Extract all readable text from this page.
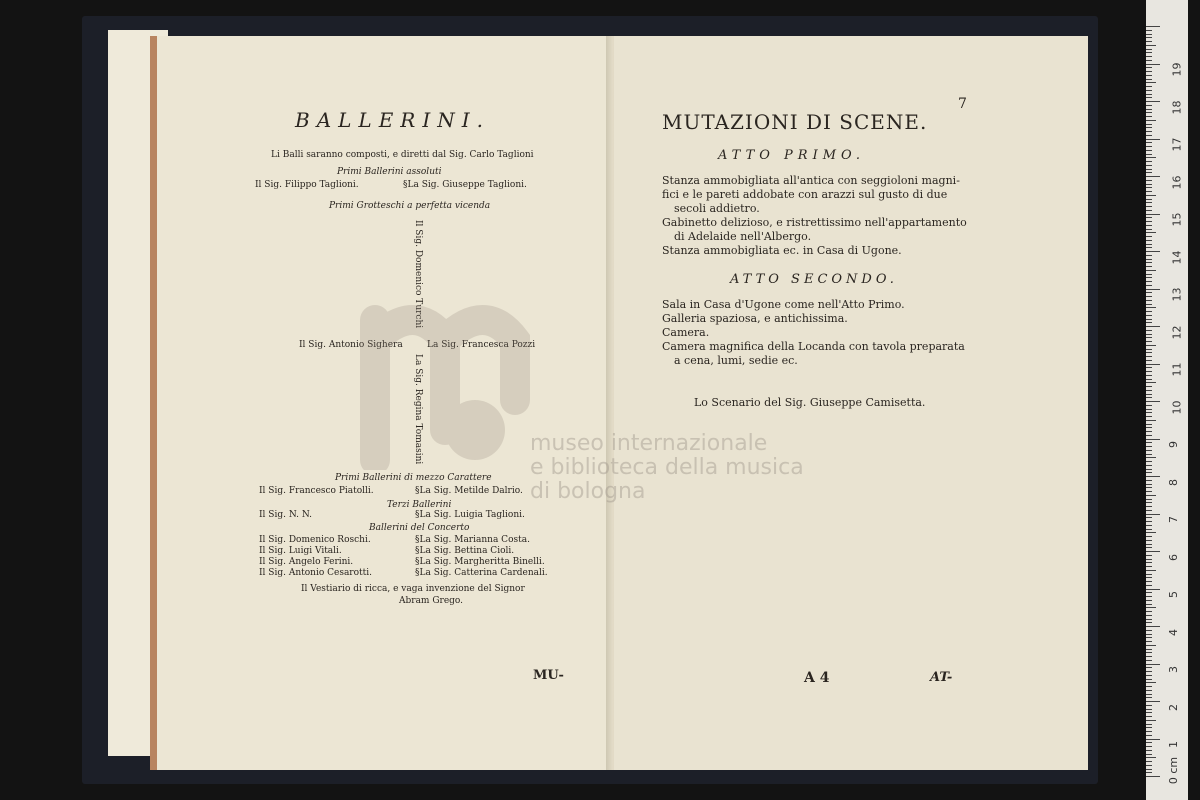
BALLERINI.
Li Balli saranno composti, e diretti dal Sig. Carlo Taglioni
Primi Ballerini assoluti
Il Sig. Filippo Taglioni.	§La Sig. Giuseppe Taglioni.
Primi Grotteschi a perfetta vicenda
Il Sig. Domenico Turchi
Il Sig. Antonio Sighera	La Sig. Francesca Pozzi
La Sig. Regina Tomasini
Primi Ballerini di mezzo Carattere
Il Sig. Francesco Piatolli.	§La Sig. Metilde Dalrio.
Terzi Ballerini
Il Sig. N. N.	§La Sig. Luigia Taglioni.
Ballerini del Concerto
Il Sig. Domenico Roschi.	§La Sig. Marianna Costa.
Il Sig. Luigi Vitali.	§La Sig. Bettina Cioli.
Il Sig. Angelo Ferini.	§La Sig. Margheritta Binelli.
Il Sig. Antonio Cesarotti.	§La Sig. Catterina Cardenali.
Il Vestiario di ricca, e vaga invenzione del Signor
Abram Grego.
MU-
7
MUTAZIONI DI SCENE.
ATTO PRIMO.
Stanza ammobigliata all'antica con seggioloni magni-
fici e le pareti addobate con arazzi sul gusto di due
secoli addietro.
Gabinetto delizioso, e ristrettissimo nell'appartamento
di Adelaide nell'Albergo.
Stanza ammobigliata ec. in Casa di Ugone.
ATTO SECONDO.
Sala in Casa d'Ugone come nell'Atto Primo.
Galleria spaziosa, e antichissima.
Camera.
Camera magnifica della Locanda con tavola preparata
a cena, lumi, sedie ec.
Lo Scenario del Sig. Giuseppe Camisetta.
A 4	AT-
museo internazionale
e biblioteca della musica
di bologna
0 cm
1
2
3
4
5
6
7
8
9
10
11
12
13
14
15
16
17
18
19
